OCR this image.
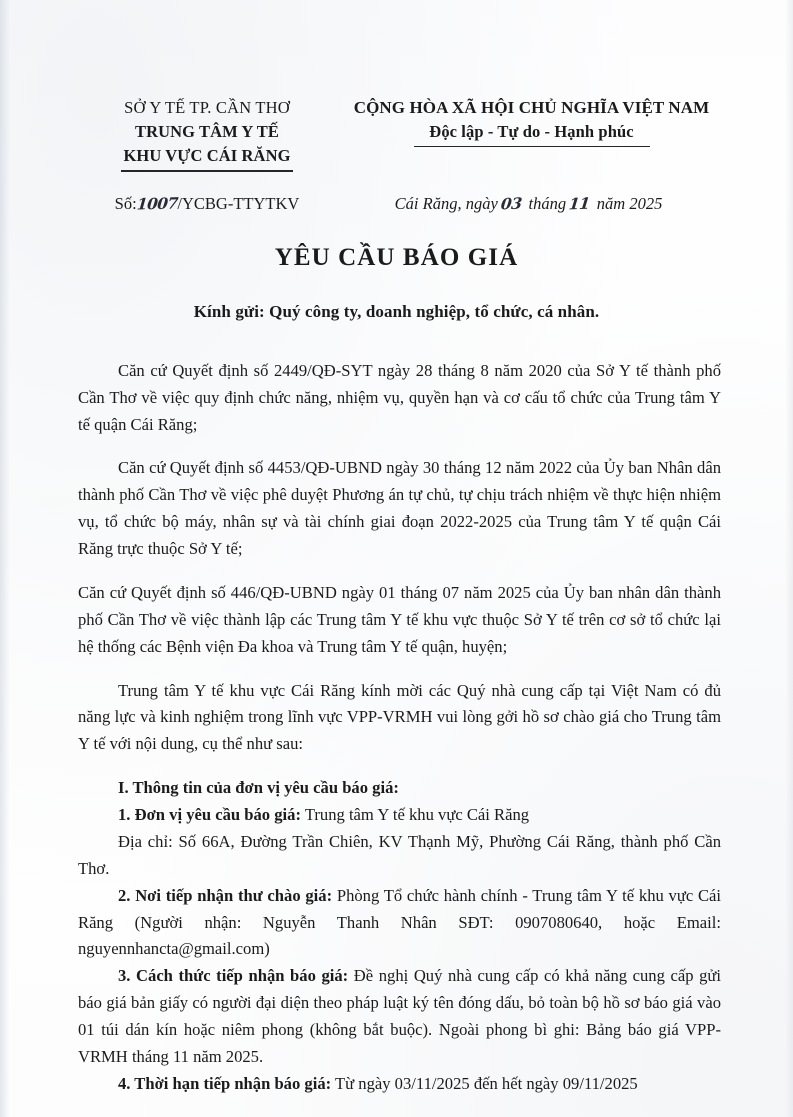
SỞ Y TẾ TP. CẦN THƠ
TRUNG TÂM Y TẾ
KHU VỰC CÁI RĂNG
CỘNG HÒA XÃ HỘI CHỦ NGHĨA VIỆT NAM
Độc lập - Tự do - Hạnh phúc
Số:1007/YCBG-TTYTKV	Cái Răng, ngày 03 tháng 11 năm 2025
YÊU CẦU BÁO GIÁ
Kính gửi: Quý công ty, doanh nghiệp, tổ chức, cá nhân.

Căn cứ Quyết định số 2449/QĐ-SYT ngày 28 tháng 8 năm 2020 của Sở Y tế thành phố Cần Thơ về việc quy định chức năng, nhiệm vụ, quyền hạn và cơ cấu tổ chức của Trung tâm Y tế quận Cái Răng;

Căn cứ Quyết định số 4453/QĐ-UBND ngày 30 tháng 12 năm 2022 của Ủy ban Nhân dân thành phố Cần Thơ về việc phê duyệt Phương án tự chủ, tự chịu trách nhiệm về thực hiện nhiệm vụ, tổ chức bộ máy, nhân sự và tài chính giai đoạn 2022-2025 của Trung tâm Y tế quận Cái Răng trực thuộc Sở Y tế;

Căn cứ Quyết định số 446/QĐ-UBND ngày 01 tháng 07 năm 2025 của Ủy ban nhân dân thành phố Cần Thơ về việc thành lập các Trung tâm Y tế khu vực thuộc Sở Y tế trên cơ sở tổ chức lại hệ thống các Bệnh viện Đa khoa và Trung tâm Y tế quận, huyện;

Trung tâm Y tế khu vực Cái Răng kính mời các Quý nhà cung cấp tại Việt Nam có đủ năng lực và kinh nghiệm trong lĩnh vực VPP-VRMH vui lòng gởi hồ sơ chào giá cho Trung tâm Y tế với nội dung, cụ thể như sau:

I. Thông tin của đơn vị yêu cầu báo giá:

1. Đơn vị yêu cầu báo giá: Trung tâm Y tế khu vực Cái Răng

Địa chỉ: Số 66A, Đường Trần Chiên, KV Thạnh Mỹ, Phường Cái Răng, thành phố Cần Thơ.

2. Nơi tiếp nhận thư chào giá: Phòng Tổ chức hành chính - Trung tâm Y tế khu vực Cái Răng (Người nhận: Nguyễn Thanh Nhân SĐT: 0907080640, hoặc Email: nguyennhancta@gmail.com)

3. Cách thức tiếp nhận báo giá: Đề nghị Quý nhà cung cấp có khả năng cung cấp gửi báo giá bản giấy có người đại diện theo pháp luật ký tên đóng dấu, bỏ toàn bộ hồ sơ báo giá vào 01 túi dán kín hoặc niêm phong (không bắt buộc). Ngoài phong bì ghi: Bảng báo giá VPP-VRMH tháng 11 năm 2025.

4. Thời hạn tiếp nhận báo giá: Từ ngày 03/11/2025 đến hết ngày 09/11/2025
